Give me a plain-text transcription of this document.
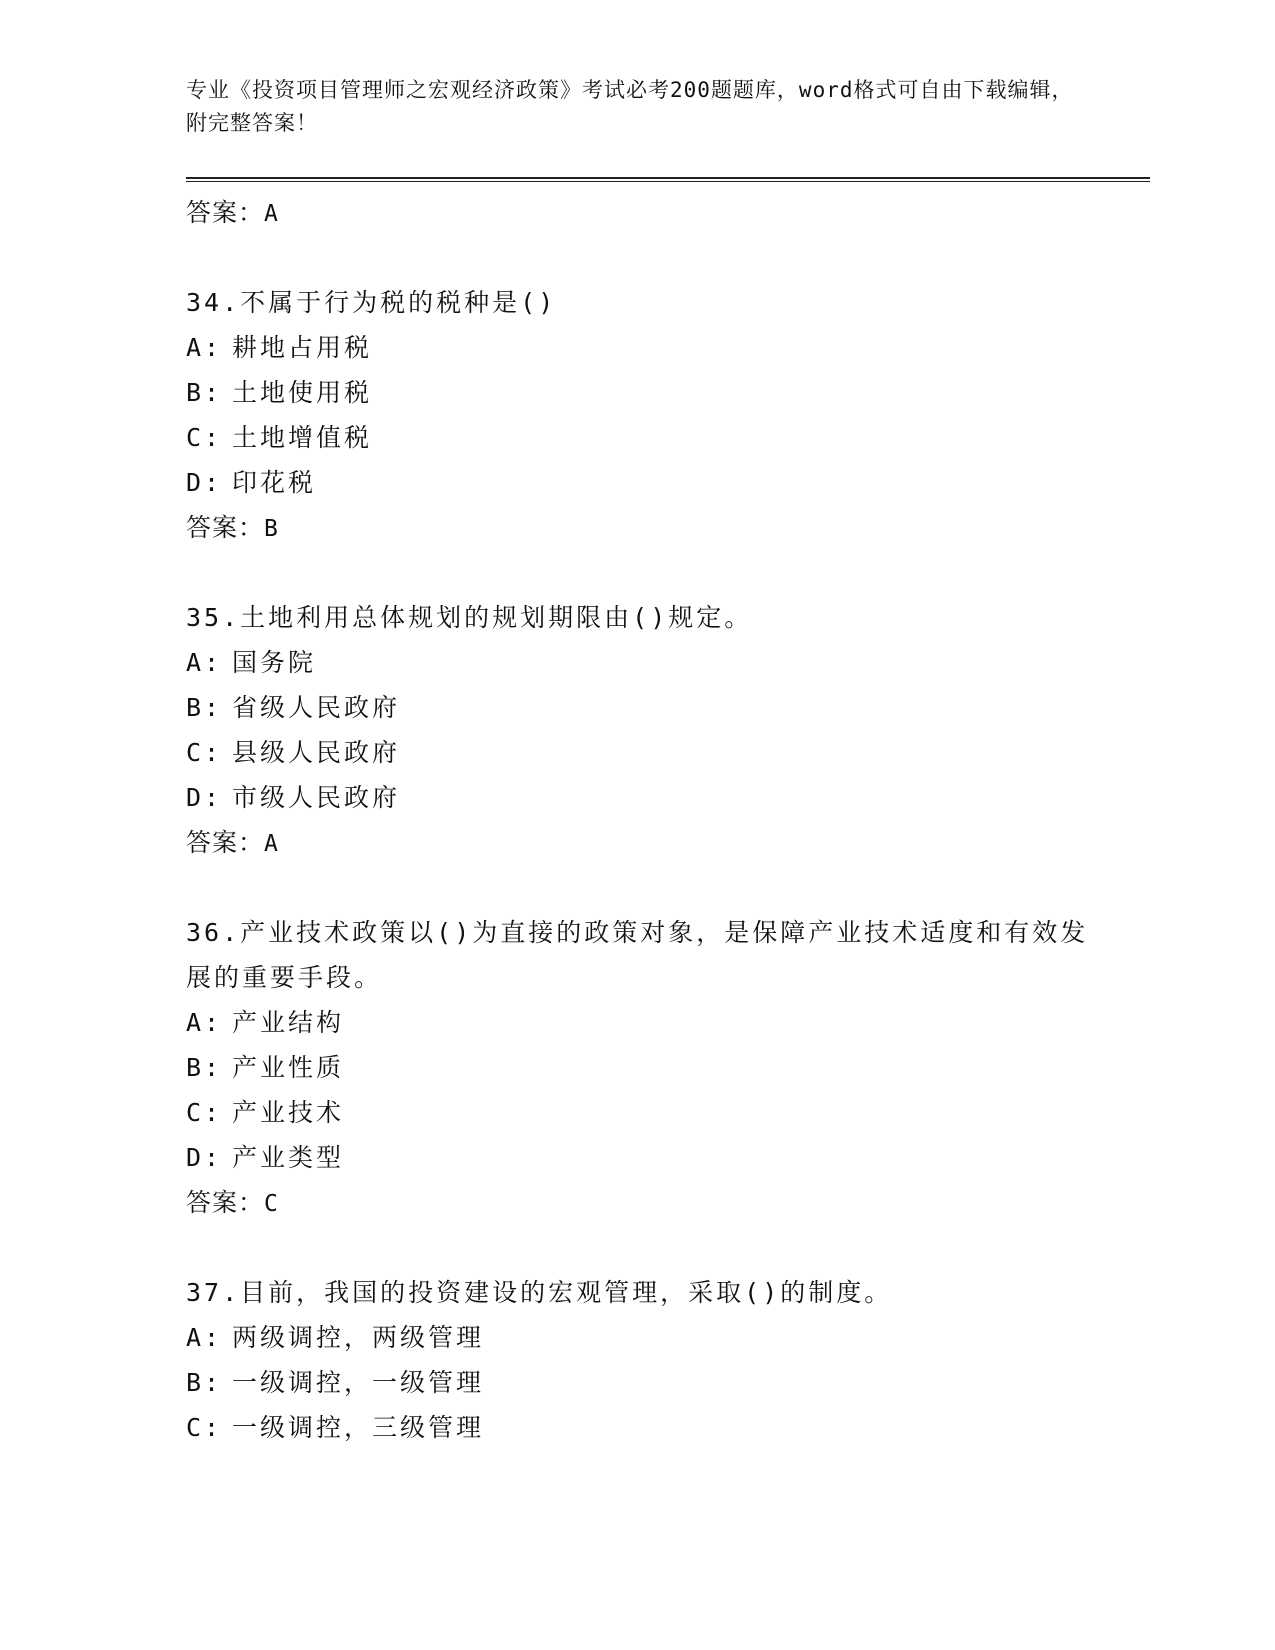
专业《投资项目管理师之宏观经济政策》考试必考200题题库，word格式可自由下载编辑，附完整答案！
答案：A
34.不属于行为税的税种是()
A: 耕地占用税
B: 土地使用税
C: 土地增值税
D: 印花税
答案：B
35.土地利用总体规划的规划期限由()规定。
A: 国务院
B: 省级人民政府
C: 县级人民政府
D: 市级人民政府
答案：A
36.产业技术政策以()为直接的政策对象，是保障产业技术适度和有效发展的重要手段。
A: 产业结构
B: 产业性质
C: 产业技术
D: 产业类型
答案：C
37.目前，我国的投资建设的宏观管理，采取()的制度。
A: 两级调控，两级管理
B: 一级调控，一级管理
C: 一级调控，三级管理
